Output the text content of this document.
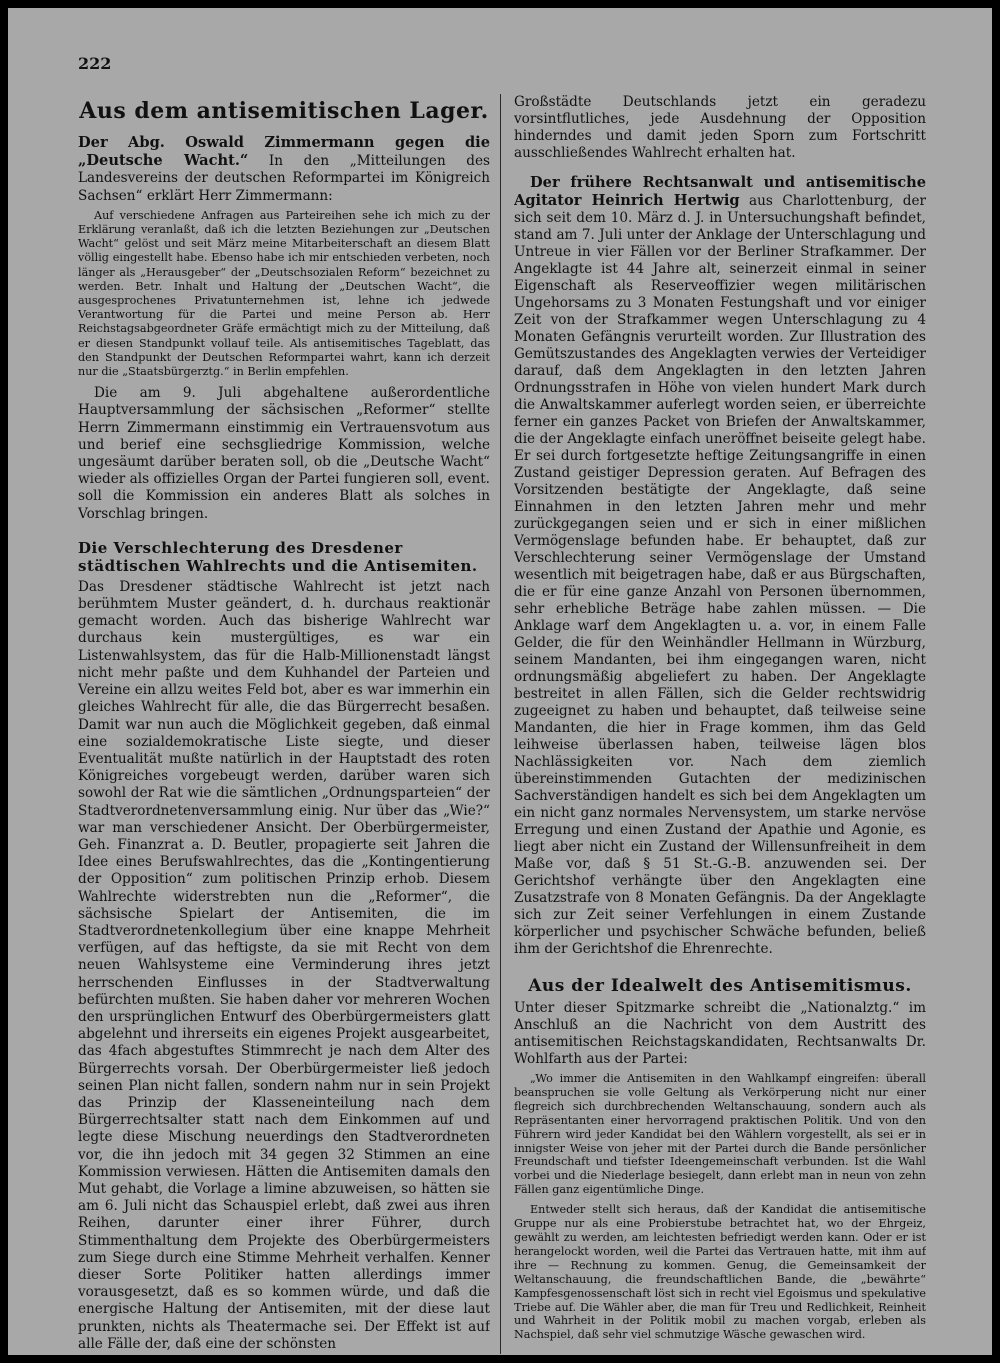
222
Aus dem antisemitischen Lager.

Der Abg. Oswald Zimmermann gegen die „Deutsche Wacht.“ In den „Mitteilungen des Landesvereins der deutschen Reformpartei im Königreich Sachsen“ erklärt Herr Zimmermann:

Auf verschiedene Anfragen aus Parteireihen sehe ich mich zu der Erklärung veranlaßt, daß ich die letzten Beziehungen zur „Deutschen Wacht“ gelöst und seit März meine Mitarbeiterschaft an diesem Blatt völlig eingestellt habe. Ebenso habe ich mir entschieden verbeten, noch länger als „Herausgeber“ der „Deutschsozialen Reform“ bezeichnet zu werden. Betr. Inhalt und Haltung der „Deutschen Wacht“, die ausgesprochenes Privatunternehmen ist, lehne ich jedwede Verantwortung für die Partei und meine Person ab. Herr Reichstagsabgeordneter Gräfe ermächtigt mich zu der Mitteilung, daß er diesen Standpunkt vollauf teile. Als antisemitisches Tageblatt, das den Standpunkt der Deutschen Reformpartei wahrt, kann ich derzeit nur die „Staatsbürgerztg.“ in Berlin empfehlen.

Die am 9. Juli abgehaltene außerordentliche Hauptversammlung der sächsischen „Reformer“ stellte Herrn Zimmermann einstimmig ein Vertrauensvotum aus und berief eine sechsgliedrige Kommission, welche ungesäumt darüber beraten soll, ob die „Deutsche Wacht“ wieder als offizielles Organ der Partei fungieren soll, event. soll die Kommission ein anderes Blatt als solches in Vorschlag bringen.

Die Verschlechterung des Dresdener städtischen Wahlrechts und die Antisemiten.

Das Dresdener städtische Wahlrecht ist jetzt nach berühmtem Muster geändert, d. h. durchaus reaktionär gemacht worden. Auch das bisherige Wahlrecht war durchaus kein mustergültiges, es war ein Listenwahlsystem, das für die Halb-Millionenstadt längst nicht mehr paßte und dem Kuhhandel der Parteien und Vereine ein allzu weites Feld bot, aber es war immerhin ein gleiches Wahlrecht für alle, die das Bürgerrecht besaßen. Damit war nun auch die Möglichkeit gegeben, daß einmal eine sozialdemokratische Liste siegte, und dieser Eventualität mußte natürlich in der Hauptstadt des roten Königreiches vorgebeugt werden, darüber waren sich sowohl der Rat wie die sämtlichen „Ordnungsparteien“ der Stadtverordnetenversammlung einig. Nur über das „Wie?“ war man verschiedener Ansicht. Der Oberbürgermeister, Geh. Finanzrat a. D. Beutler, propagierte seit Jahren die Idee eines Berufswahlrechtes, das die „Kontingentierung der Opposition“ zum politischen Prinzip erhob. Diesem Wahlrechte widerstrebten nun die „Reformer“, die sächsische Spielart der Antisemiten, die im Stadtverordnetenkollegium über eine knappe Mehrheit verfügen, auf das heftigste, da sie mit Recht von dem neuen Wahlsysteme eine Verminderung ihres jetzt herrschenden Einflusses in der Stadtverwaltung befürchten mußten. Sie haben daher vor mehreren Wochen den ursprünglichen Entwurf des Oberbürgermeisters glatt abgelehnt und ihrerseits ein eigenes Projekt ausgearbeitet, das 4fach abgestuftes Stimmrecht je nach dem Alter des Bürgerrechts vorsah. Der Oberbürgermeister ließ jedoch seinen Plan nicht fallen, sondern nahm nur in sein Projekt das Prinzip der Klasseneinteilung nach dem Bürgerrechtsalter statt nach dem Einkommen auf und legte diese Mischung neuerdings den Stadtverordneten vor, die ihn jedoch mit 34 gegen 32 Stimmen an eine Kommission verwiesen. Hätten die Antisemiten damals den Mut gehabt, die Vorlage a limine abzuweisen, so hätten sie am 6. Juli nicht das Schauspiel erlebt, daß zwei aus ihren Reihen, darunter einer ihrer Führer, durch Stimmenthaltung dem Projekte des Oberbürgermeisters zum Siege durch eine Stimme Mehrheit verhalfen. Kenner dieser Sorte Politiker hatten allerdings immer vorausgesetzt, daß es so kommen würde, und daß die energische Haltung der Antisemiten, mit der diese laut prunkten, nichts als Theatermache sei. Der Effekt ist auf alle Fälle der, daß eine der schönsten

Großstädte Deutschlands jetzt ein geradezu vorsintflutliches, jede Ausdehnung der Opposition hinderndes und damit jeden Sporn zum Fortschritt ausschließendes Wahlrecht erhalten hat.

Der frühere Rechtsanwalt und antisemitische Agitator Heinrich Hertwig aus Charlottenburg, der sich seit dem 10. März d. J. in Untersuchungshaft befindet, stand am 7. Juli unter der Anklage der Unterschlagung und Untreue in vier Fällen vor der Berliner Strafkammer. Der Angeklagte ist 44 Jahre alt, seinerzeit einmal in seiner Eigenschaft als Reserveoffizier wegen militärischen Ungehorsams zu 3 Monaten Festungshaft und vor einiger Zeit von der Strafkammer wegen Unterschlagung zu 4 Monaten Gefängnis verurteilt worden. Zur Illustration des Gemütszustandes des Angeklagten verwies der Verteidiger darauf, daß dem Angeklagten in den letzten Jahren Ordnungsstrafen in Höhe von vielen hundert Mark durch die Anwaltskammer auferlegt worden seien, er überreichte ferner ein ganzes Packet von Briefen der Anwaltskammer, die der Angeklagte einfach uneröffnet beiseite gelegt habe. Er sei durch fortgesetzte heftige Zeitungsangriffe in einen Zustand geistiger Depression geraten. Auf Befragen des Vorsitzenden bestätigte der Angeklagte, daß seine Einnahmen in den letzten Jahren mehr und mehr zurückgegangen seien und er sich in einer mißlichen Vermögenslage befunden habe. Er behauptet, daß zur Verschlechterung seiner Vermögenslage der Umstand wesentlich mit beigetragen habe, daß er aus Bürgschaften, die er für eine ganze Anzahl von Personen übernommen, sehr erhebliche Beträge habe zahlen müssen. — Die Anklage warf dem Angeklagten u. a. vor, in einem Falle Gelder, die für den Weinhändler Hellmann in Würzburg, seinem Mandanten, bei ihm eingegangen waren, nicht ordnungsmäßig abgeliefert zu haben. Der Angeklagte bestreitet in allen Fällen, sich die Gelder rechtswidrig zugeeignet zu haben und behauptet, daß teilweise seine Mandanten, die hier in Frage kommen, ihm das Geld leihweise überlassen haben, teilweise lägen blos Nachlässigkeiten vor. Nach dem ziemlich übereinstimmenden Gutachten der medizinischen Sachverständigen handelt es sich bei dem Angeklagten um ein nicht ganz normales Nervensystem, um starke nervöse Erregung und einen Zustand der Apathie und Agonie, es liegt aber nicht ein Zustand der Willensunfreiheit in dem Maße vor, daß § 51 St.-G.-B. anzuwenden sei. Der Gerichtshof verhängte über den Angeklagten eine Zusatzstrafe von 8 Monaten Gefängnis. Da der Angeklagte sich zur Zeit seiner Verfehlungen in einem Zustande körperlicher und psychischer Schwäche befunden, beließ ihm der Gerichtshof die Ehrenrechte.

Aus der Idealwelt des Antisemitismus.

Unter dieser Spitzmarke schreibt die „Nationalztg.“ im Anschluß an die Nachricht von dem Austritt des antisemitischen Reichstagskandidaten, Rechtsanwalts Dr. Wohlfarth aus der Partei:

„Wo immer die Antisemiten in den Wahlkampf eingreifen: überall beanspruchen sie volle Geltung als Verkörperung nicht nur einer flegreich sich durchbrechenden Weltanschauung, sondern auch als Repräsentanten einer hervorragend praktischen Politik. Und von den Führern wird jeder Kandidat bei den Wählern vorgestellt, als sei er in innigster Weise von jeher mit der Partei durch die Bande persönlicher Freundschaft und tiefster Ideengemeinschaft verbunden. Ist die Wahl vorbei und die Niederlage besiegelt, dann erlebt man in neun von zehn Fällen ganz eigentümliche Dinge.

Entweder stellt sich heraus, daß der Kandidat die antisemitische Gruppe nur als eine Probierstube betrachtet hat, wo der Ehrgeiz, gewählt zu werden, am leichtesten befriedigt werden kann. Oder er ist herangelockt worden, weil die Partei das Vertrauen hatte, mit ihm auf ihre — Rechnung zu kommen. Genug, die Gemeinsamkeit der Weltanschauung, die freundschaftlichen Bande, die „bewährte“ Kampfesgenossenschaft löst sich in recht viel Egoismus und spekulative Triebe auf. Die Wähler aber, die man für Treu und Redlichkeit, Reinheit und Wahrheit in der Politik mobil zu machen vorgab, erleben als Nachspiel, daß sehr viel schmutzige Wäsche gewaschen wird.
